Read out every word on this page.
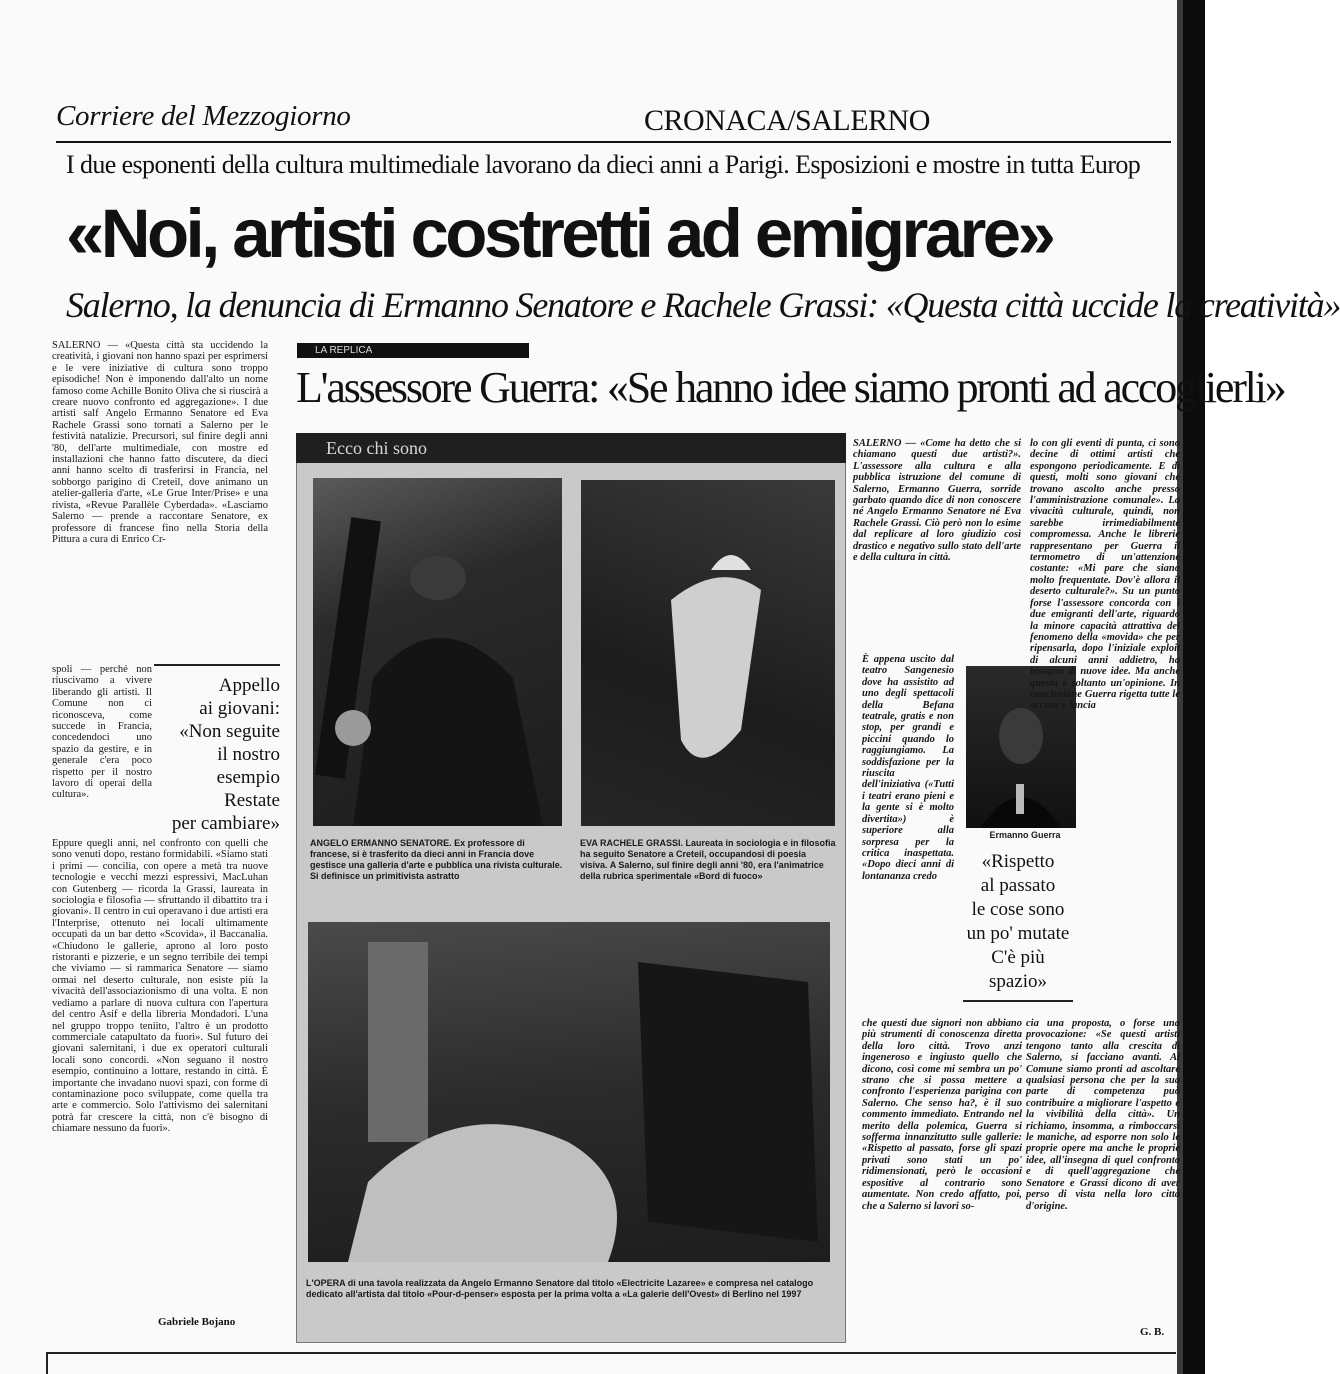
Corriere del Mezzogiorno	CRONACA/SALERNO
I due esponenti della cultura multimediale lavorano da dieci anni a Parigi. Esposizioni e mostre in tutta Europ
«Noi, artisti costretti ad emigrare»
Salerno, la denuncia di Ermanno Senatore e Rachele Grassi: «Questa città uccide la creatività»
SALERNO — «Questa città sta uccidendo la creatività, i giovani non hanno spazi per esprimersi e le vere iniziative di cultura sono troppo episodiche! Non è imponendo dall'alto un nome famoso come Achille Bonito Oliva che si riuscirà a creare nuovo confronto ed aggregazione». I due artisti salf Angelo Ermanno Senatore ed Eva Rachele Grassi sono tornati a Salerno per le festività natalizie. Precursori, sul finire degli anni '80, dell'arte multimediale, con mostre ed installazioni che hanno fatto discutere, da dieci anni hanno scelto di trasferirsi in Francia, nel sobborgo parigino di Creteil, dove animano un atelier-galleria d'arte, «Le Grue Inter/Prise» e una rivista, «Revue Parallèle Cyberdada». «Lasciamo Salerno — prende a raccontare Senatore, ex professore di francese fino nella Storia della Pittura a cura di Enrico Cr-
spoli — perché non riuscivamo a vivere liberando gli artisti. Il Comune non ci riconosceva, come succede in Francia, concedendoci uno spazio da gestire, e in generale c'era poco rispetto per il nostro lavoro di operai della cultura».
Eppure quegli anni, nel confronto con quelli che sono venuti dopo, restano formidabili. «Siamo stati i primi — concilia, con opere a metà tra nuove tecnologie e vecchi mezzi espressivi, MacLuhan con Gutenberg — ricorda la Grassi, laureata in sociologia e filosofia — sfruttando il dibattito tra i giovani». Il centro in cui operavano i due artisti era l'Interprise, ottenuto nei locali ultimamente occupati da un bar detto «Scovida», il Baccanalia. «Chiudono le gallerie, aprono al loro posto ristoranti e pizzerie, e un segno terribile dei tempi che viviamo — si rammarica Senatore — siamo ormai nel deserto culturale, non esiste più la vivacità dell'associazionismo di una volta. E non vediamo a parlare di nuova cultura con l'apertura del centro Asif e della libreria Mondadori. L'una nel gruppo troppo teniito, l'altro è un prodotto commerciale catapultato da fuori». Sul futuro dei giovani salernitani, i due ex operatori culturali locali sono concordi. «Non seguano il nostro esempio, continuino a lottare, restando in città. È importante che invadano nuovi spazi, con forme di contaminazione poco sviluppate, come quella tra arte e commercio. Solo l'attivismo dei salernitani potrà far crescere la città, non c'è bisogno di chiamare nessuno da fuori».
Gabriele Bojano
Appello
ai giovani:
«Non seguite
il nostro esempio
Restate
per cambiare»
LA REPLICA
L'assessore Guerra: «Se hanno idee siamo pronti ad accoglierli»
Ecco chi sono
ANGELO ERMANNO SENATORE. Ex professore di francese, si è trasferito da dieci anni in Francia dove gestisce una galleria d'arte e pubblica una rivista culturale. Si definisce un primitivista astratto
EVA RACHELE GRASSI. Laureata in sociologia e in filosofia ha seguito Senatore a Creteil, occupandosi di poesia visiva. A Salerno, sul finire degli anni '80, era l'animatrice della rubrica sperimentale «Bord di fuoco»
L'OPERA di una tavola realizzata da Angelo Ermanno Senatore dal titolo «Electricite Lazaree» e compresa nel catalogo dedicato all'artista dal titolo «Pour-d-penser» esposta per la prima volta a «La galerie dell'Ovest» di Berlino nel 1997
Ermanno Guerra
SALERNO — «Come ha detto che si chiamano questi due artisti?». L'assessore alla cultura e alla pubblica istruzione del comune di Salerno, Ermanno Guerra, sorride garbato quando dice di non conoscere né Angelo Ermanno Senatore né Eva Rachele Grassi. Ciò però non lo esime dal replicare al loro giudizio così drastico e negativo sullo stato dell'arte e della cultura in città.
È appena uscito dal teatro Sangenesio dove ha assistito ad uno degli spettacoli della Befana teatrale, gratis e non stop, per grandi e piccini quando lo raggiungiamo. La soddisfazione per la riuscita dell'iniziativa («Tutti i teatri erano pieni e la gente si è molto divertita») è superiore alla sorpresa per la critica inaspettata. «Dopo dieci anni di lontananza credo
che questi due signori non abbiano più strumenti di conoscenza diretta della loro città. Trovo anzi ingeneroso e ingiusto quello che dicono, così come mi sembra un po' strano che si possa mettere a confronto l'esperienza parigina con Salerno. Che senso ha?, è il suo commento immediato. Entrando nel merito della polemica, Guerra si sofferma innanzitutto sulle gallerie: «Rispetto al passato, forse gli spazi privati sono stati un po' ridimensionati, però le occasioni espositive al contrario sono aumentate. Non credo affatto, poi, che a Salerno si lavori so-
lo con gli eventi di punta, ci sono decine di ottimi artisti che espongono periodicamente. E di questi, molti sono giovani che trovano ascolto anche presso l'amministrazione comunale». La vivacità culturale, quindi, non sarebbe irrimediabilmente compromessa. Anche le librerie rappresentano per Guerra il termometro di un'attenzione costante: «Mi pare che siano molto frequentate. Dov'è allora il deserto culturale?». Su un punto forse l'assessore concorda con i due emigranti dell'arte, riguardo la minore capacità attrattiva del fenomeno della «movida» che per ripensarla, dopo l'iniziale exploit di alcuni anni addietro, ha bisogno di nuove idee. Ma anche questa è soltanto un'opinione. In conclusione Guerra rigetta tutte le accuse e lancia
cia una proposta, o forse una provocazione: «Se questi artisti tengono tanto alla crescita di Salerno, si facciano avanti. Al Comune siamo pronti ad ascoltare qualsiasi persona che per la sua parte di competenza può contribuire a migliorare l'aspetto e la vivibilità della città». Un richiamo, insomma, a rimboccarsi le maniche, ad esporre non solo le proprie opere ma anche le proprie idee, all'insegna di quel confronto e di quell'aggregazione che Senatore e Grassi dicono di aver perso di vista nella loro città d'origine.
«Rispetto
al passato
le cose sono
un po' mutate
C'è più
spazio»
G. B.
